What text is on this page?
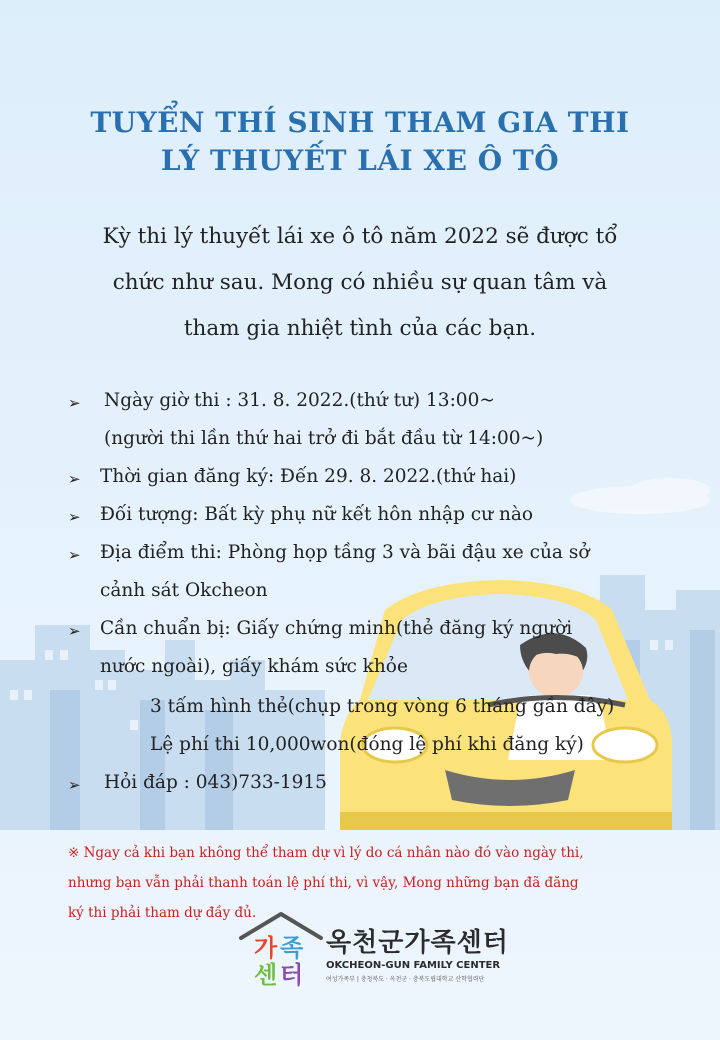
TUYỂN THÍ SINH THAM GIA THI
LÝ THUYẾT LÁI XE Ô TÔ
Kỳ thi lý thuyết lái xe ô tô năm 2022 sẽ được tổ
chức như sau. Mong có nhiều sự quan tâm và
tham gia nhiệt tình của các bạn.
➢ Ngày giờ thi : 31. 8. 2022.(thứ tư) 13:00~
(người thi lần thứ hai trở đi bắt đầu từ 14:00~)
➢ Thời gian đăng ký: Đến 29. 8. 2022.(thứ hai)
➢ Đối tượng: Bất kỳ phụ nữ kết hôn nhập cư nào
➢ Địa điểm thi: Phòng họp tầng 3 và bãi đậu xe của sở
cảnh sát Okcheon
➢ Cần chuẩn bị: Giấy chứng minh(thẻ đăng ký người
nước ngoài), giấy khám sức khỏe
3 tấm hình thẻ(chụp trong vòng 6 tháng gần đây)
Lệ phí thi 10,000won(đóng lệ phí khi đăng ký)
➢ Hỏi đáp : 043)733-1915
※ Ngay cả khi bạn không thể tham dự vì lý do cá nhân nào đó vào ngày thi,
nhưng bạn vẫn phải thanh toán lệ phí thi, vì vậy, Mong những bạn đã đăng
ký thi phải tham dự đầy đủ.
가 족
센 터
옥천군가족센터
OKCHEON-GUN FAMILY CENTER
여성가족부 | 충청북도 · 옥천군 · 충북도립대학교 산학협력단
